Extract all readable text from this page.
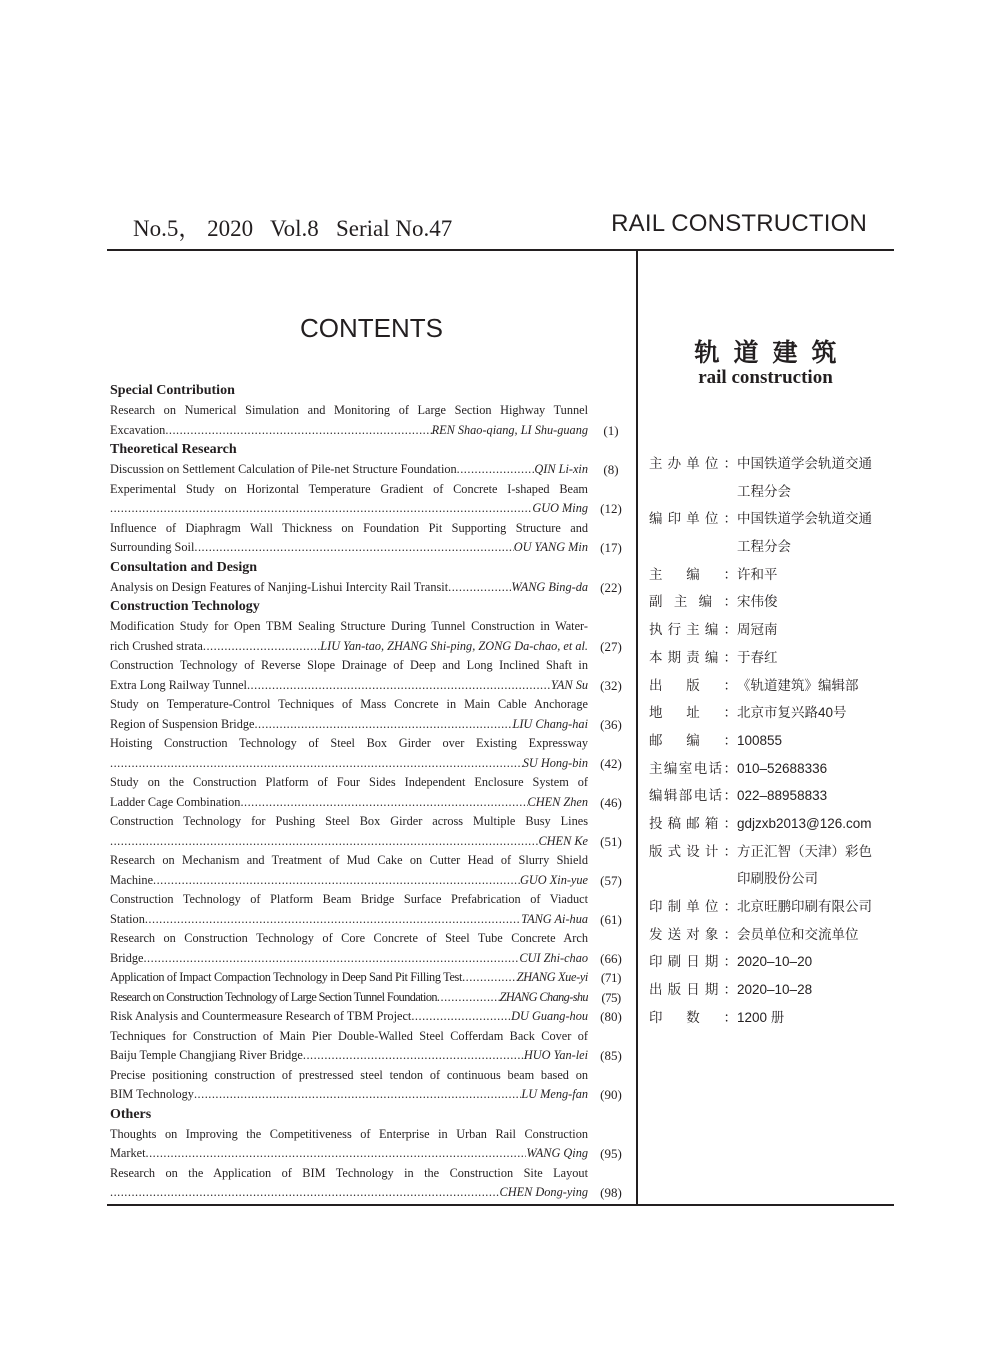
No.5， 2020   Vol.8   Serial No.47	RAIL CONSTRUCTION
CONTENTS
Special Contribution
Research on Numerical Simulation and Monitoring of Large Section Highway Tunnel
Excavation .....	REN Shao-qiang, LI Shu-guang	(1)
Theoretical Research
Discussion on Settlement Calculation of Pile-net Structure Foundation .....	QIN Li-xin	(8)
Experimental Study on Horizontal Temperature Gradient of Concrete I-shaped Beam
.....
GUO Ming (12)
Influence of Diaphragm Wall Thickness on Foundation Pit Supporting Structure and
Surrounding Soil .....	OU YANG Min (17)
Consultation and Design
Analysis on Design Features of Nanjing-Lishui Intercity Rail Transit .....	WANG Bing-da (22)
Construction Technology
Modification Study for Open TBM Sealing Structure During Tunnel Construction in Water-
rich Crushed strata .....	LIU Yan-tao, ZHANG Shi-ping, ZONG Da-chao, et al. (27)
Construction Technology of Reverse Slope Drainage of Deep and Long Inclined Shaft in
Extra Long Railway Tunnel .....	YAN Su (32)
Study on Temperature-Control Techniques of Mass Concrete in Main Cable Anchorage
Region of Suspension Bridge .....	LIU Chang-hai (36)
Hoisting Construction Technology of Steel Box Girder over Existing Expressway
.....
SU Hong-bin (42)
Study on the Construction Platform of Four Sides Independent Enclosure System of
Ladder Cage Combination .....	CHEN Zhen (46)
Construction Technology for Pushing Steel Box Girder across Multiple Busy Lines
.....
CHEN Ke (51)
Research on Mechanism and Treatment of Mud Cake on Cutter Head of Slurry Shield
Machine .....	GUO Xin-yue (57)
Construction Technology of Platform Beam Bridge Surface Prefabrication of Viaduct
Station .....	TANG Ai-hua (61)
Research on Construction Technology of Core Concrete of Steel Tube Concrete Arch
Bridge .....	CUI Zhi-chao (66)
Application of Impact Compaction Technology in Deep Sand Pit Filling Test .....	ZHANG Xue-yi (71)
Research on Construction Technology of Large Section Tunnel Foundation .....	ZHANG Chang-shu	(75)
Risk Analysis and Countermeasure Research of TBM Project .....	DU Guang-hou (80)
Techniques for Construction of Main Pier Double-Walled Steel Cofferdam Back Cover of
Baiju Temple Changjiang River Bridge .....	HUO Yan-lei (85)
Precise positioning construction of prestressed steel tendon of continuous beam based on
BIM Technology .....	LU Meng-fan (90)
Others
Thoughts on Improving the Competitiveness of Enterprise in Urban Rail Construction
Market .....	WANG Qing (95)
Research on the Application of BIM Technology in the Construction Site Layout
.....
CHEN Dong-ying (98)
轨道建筑
rail construction
主办单位： 中国铁道学会轨道交通
工程分会
编印单位： 中国铁道学会轨道交通
工程分会
主编： 许和平
副主编： 宋伟俊
执行主编： 周冠南
本期责编： 于春红
出版： 《轨道建筑》编辑部
地址： 北京市复兴路40号
邮编： 100855
主编室电话： 010–52688336
编辑部电话： 022–88958833
投稿邮箱： gdjzxb2013@126.com
版式设计： 方正汇智（天津）彩色
印刷股份公司
印制单位： 北京旺鹏印刷有限公司
发送对象： 会员单位和交流单位
印刷日期： 2020–10–20
出版日期： 2020–10–28
印数： 1200 册
